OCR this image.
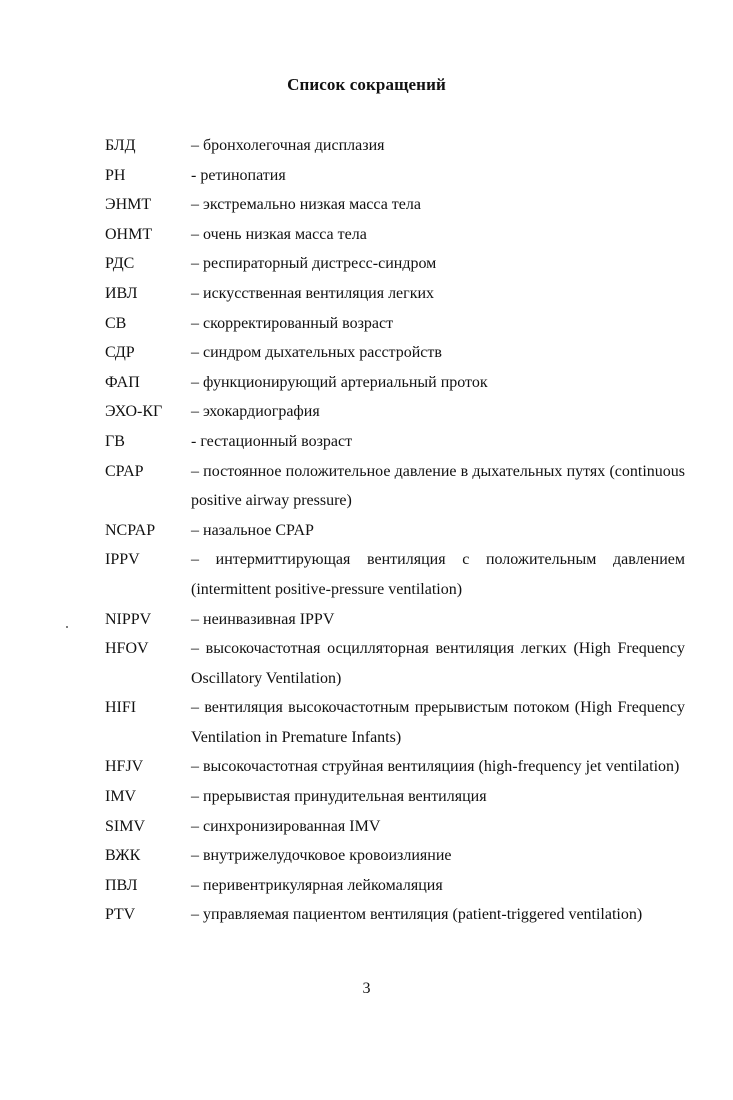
Список сокращений
БЛД	– бронхолегочная дисплазия
РН	- ретинопатия
ЭНМТ	– экстремально низкая масса тела
ОНМТ	– очень низкая масса тела
РДС	– респираторный дистресс-синдром
ИВЛ	– искусственная вентиляция легких
СВ	– скорректированный возраст
СДР	– синдром дыхательных расстройств
ФАП	– функционирующий артериальный проток
ЭХО-КГ	– эхокардиография
ГВ	- гестационный возраст
CPAP	– постоянное положительное давление в дыхательных путях (continuous positive airway pressure)
NCPAP	– назальное CPAP
IPPV	– интермиттирующая вентиляция с положительным давлением (intermittent positive-pressure ventilation)
NIPPV	– неинвазивная IPPV
HFOV	– высокочастотная осцилляторная вентиляция легких (High Frequency Oscillatory Ventilation)
HIFI	– вентиляция высокочастотным прерывистым потоком (High Frequency Ventilation in Premature Infants)
HFJV	– высокочастотная струйная вентиляциия (high-frequency jet ventilation)
IMV	– прерывистая принудительная вентиляция
SIMV	– синхронизированная IMV
ВЖК	– внутрижелудочковое кровоизлияние
ПВЛ	– перивентрикулярная лейкомаляция
PTV	– управляемая пациентом вентиляция (patient-triggered ventilation)
3
